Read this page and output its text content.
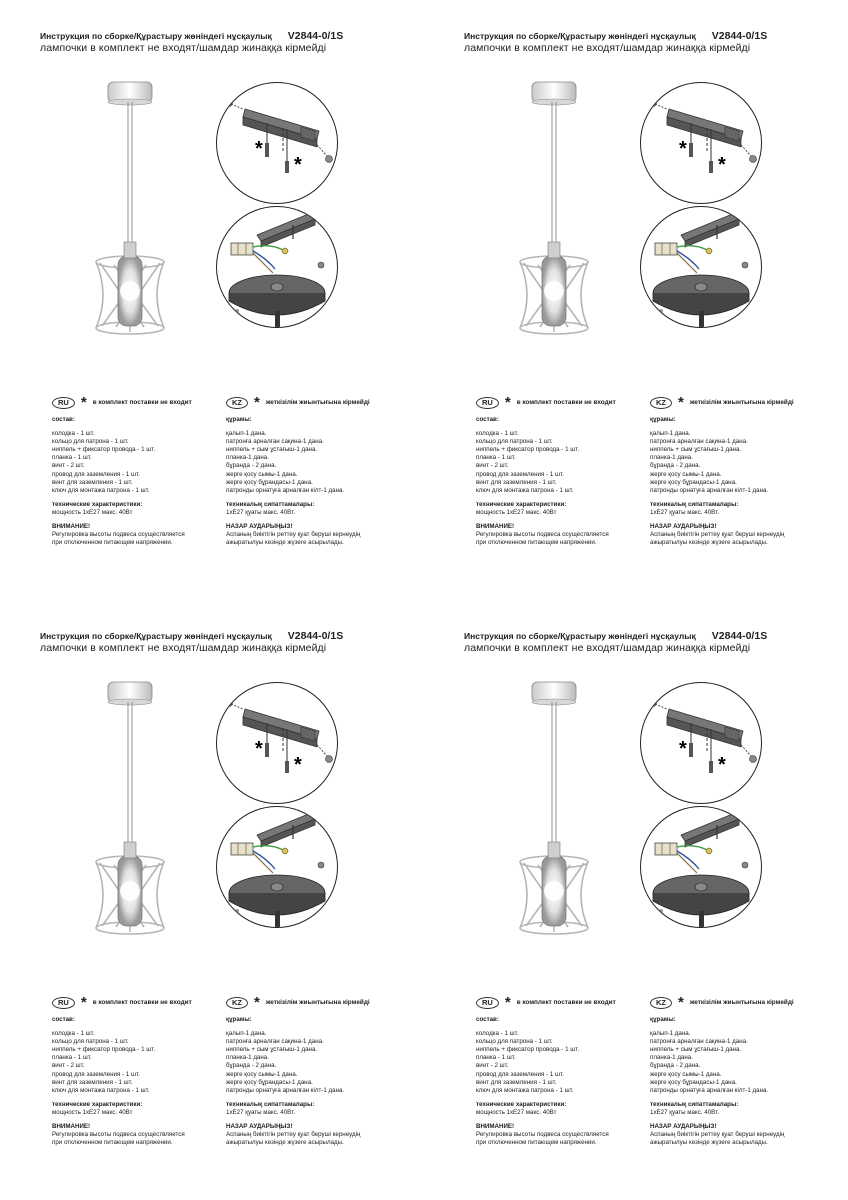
Инструкция по сборке/Құрастыру жөніндегі нұсқаулық V2844-0/1S
лампочки в комплект не входят/шамдар жинаққа кірмейді
*
*
RU * в комплект поставки не входит
состав:
колодка - 1 шт.
кольцо для патрона - 1 шт.
ниппель + фиксатор провода - 1 шт.
планка - 1 шт.
винт - 2 шт.
провод для заземления - 1 шт.
винт для заземления - 1 шт.
ключ для монтажа патрона - 1 шт.
технические характеристики:
мощность 1хЕ27 макс. 40Вт
ВНИМАНИЕ!
Регулировка высоты подвеса осуществляется
при отключенном питающем напряжении.
KZ * жеткізілім жиынтығына кірмейді
құрамы:
қалып-1 дана.
патронға арналған сақина-1 дана.
ниппель + сым ұстағыш-1 дана.
планка-1 дана.
бұранда - 2 дана.
жерге қосу сымы-1 дана.
жерге қосу бұрандасы-1 дана.
патронды орнатуға арналған кілт-1 дана.
техникалық сипаттамалары:
1хЕ27 қуаты макс. 40Вт.
НАЗАР АУДАРЫҢЫЗ!
Аспаның биіктігін реттеу қуат беруші кернеудің
ажыратылуы кезінде жүзеге асырылады.
Инструкция по сборке/Құрастыру жөніндегі нұсқаулық V2844-0/1S
лампочки в комплект не входят/шамдар жинаққа кірмейді
*
*
RU * в комплект поставки не входит
состав:
колодка - 1 шт.
кольцо для патрона - 1 шт.
ниппель + фиксатор провода - 1 шт.
планка - 1 шт.
винт - 2 шт.
провод для заземления - 1 шт.
винт для заземления - 1 шт.
ключ для монтажа патрона - 1 шт.
технические характеристики:
мощность 1хЕ27 макс. 40Вт
ВНИМАНИЕ!
Регулировка высоты подвеса осуществляется
при отключенном питающем напряжении.
KZ * жеткізілім жиынтығына кірмейді
құрамы:
қалып-1 дана.
патронға арналған сақина-1 дана.
ниппель + сым ұстағыш-1 дана.
планка-1 дана.
бұранда - 2 дана.
жерге қосу сымы-1 дана.
жерге қосу бұрандасы-1 дана.
патронды орнатуға арналған кілт-1 дана.
техникалық сипаттамалары:
1хЕ27 қуаты макс. 40Вт.
НАЗАР АУДАРЫҢЫЗ!
Аспаның биіктігін реттеу қуат беруші кернеудің
ажыратылуы кезінде жүзеге асырылады.
Инструкция по сборке/Құрастыру жөніндегі нұсқаулық V2844-0/1S
лампочки в комплект не входят/шамдар жинаққа кірмейді
*
*
RU * в комплект поставки не входит
состав:
колодка - 1 шт.
кольцо для патрона - 1 шт.
ниппель + фиксатор провода - 1 шт.
планка - 1 шт.
винт - 2 шт.
провод для заземления - 1 шт.
винт для заземления - 1 шт.
ключ для монтажа патрона - 1 шт.
технические характеристики:
мощность 1хЕ27 макс. 40Вт
ВНИМАНИЕ!
Регулировка высоты подвеса осуществляется
при отключенном питающем напряжении.
KZ * жеткізілім жиынтығына кірмейді
құрамы:
қалып-1 дана.
патронға арналған сақина-1 дана.
ниппель + сым ұстағыш-1 дана.
планка-1 дана.
бұранда - 2 дана.
жерге қосу сымы-1 дана.
жерге қосу бұрандасы-1 дана.
патронды орнатуға арналған кілт-1 дана.
техникалық сипаттамалары:
1хЕ27 қуаты макс. 40Вт.
НАЗАР АУДАРЫҢЫЗ!
Аспаның биіктігін реттеу қуат беруші кернеудің
ажыратылуы кезінде жүзеге асырылады.
Инструкция по сборке/Құрастыру жөніндегі нұсқаулық V2844-0/1S
лампочки в комплект не входят/шамдар жинаққа кірмейді
*
*
RU * в комплект поставки не входит
состав:
колодка - 1 шт.
кольцо для патрона - 1 шт.
ниппель + фиксатор провода - 1 шт.
планка - 1 шт.
винт - 2 шт.
провод для заземления - 1 шт.
винт для заземления - 1 шт.
ключ для монтажа патрона - 1 шт.
технические характеристики:
мощность 1хЕ27 макс. 40Вт
ВНИМАНИЕ!
Регулировка высоты подвеса осуществляется
при отключенном питающем напряжении.
KZ * жеткізілім жиынтығына кірмейді
құрамы:
қалып-1 дана.
патронға арналған сақина-1 дана.
ниппель + сым ұстағыш-1 дана.
планка-1 дана.
бұранда - 2 дана.
жерге қосу сымы-1 дана.
жерге қосу бұрандасы-1 дана.
патронды орнатуға арналған кілт-1 дана.
техникалық сипаттамалары:
1хЕ27 қуаты макс. 40Вт.
НАЗАР АУДАРЫҢЫЗ!
Аспаның биіктігін реттеу қуат беруші кернеудің
ажыратылуы кезінде жүзеге асырылады.
